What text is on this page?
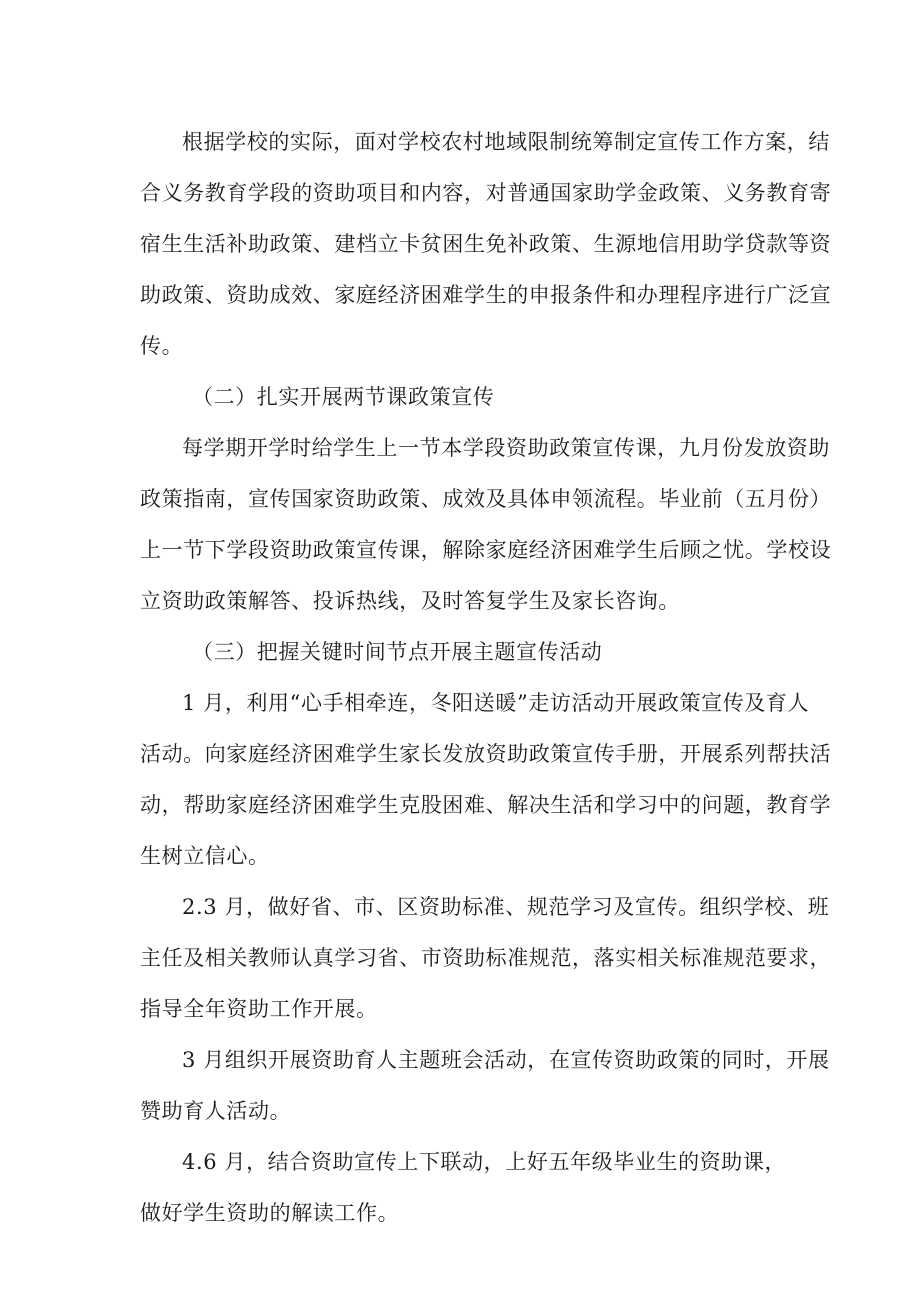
根据学校的实际，面对学校农村地域限制统筹制定宣传工作方案，结
合义务教育学段的资助项目和内容，对普通国家助学金政策、义务教育寄
宿生生活补助政策、建档立卡贫困生免补政策、生源地信用助学贷款等资
助政策、资助成效、家庭经济困难学生的申报条件和办理程序进行广泛宣
传。
（二）扎实开展两节课政策宣传
每学期开学时给学生上一节本学段资助政策宣传课，九月份发放资助
政策指南，宣传国家资助政策、成效及具体申领流程。毕业前（五月份）
上一节下学段资助政策宣传课，解除家庭经济困难学生后顾之忧。学校设
立资助政策解答、投诉热线，及时答复学生及家长咨询。
（三）把握关键时间节点开展主题宣传活动
1 月，利用“心手相牵连，冬阳送暖”走访活动开展政策宣传及育人
活动。向家庭经济困难学生家长发放资助政策宣传手册，开展系列帮扶活
动，帮助家庭经济困难学生克股困难、解决生活和学习中的问题，教育学
生树立信心。
2.3 月，做好省、市、区资助标准、规范学习及宣传。组织学校、班
主任及相关教师认真学习省、市资助标准规范，落实相关标准规范要求，
指导全年资助工作开展。
3 月组织开展资助育人主题班会活动，在宣传资助政策的同时，开展
赞助育人活动。
4.6 月，结合资助宣传上下联动，上好五年级毕业生的资助课，
做好学生资助的解读工作。
